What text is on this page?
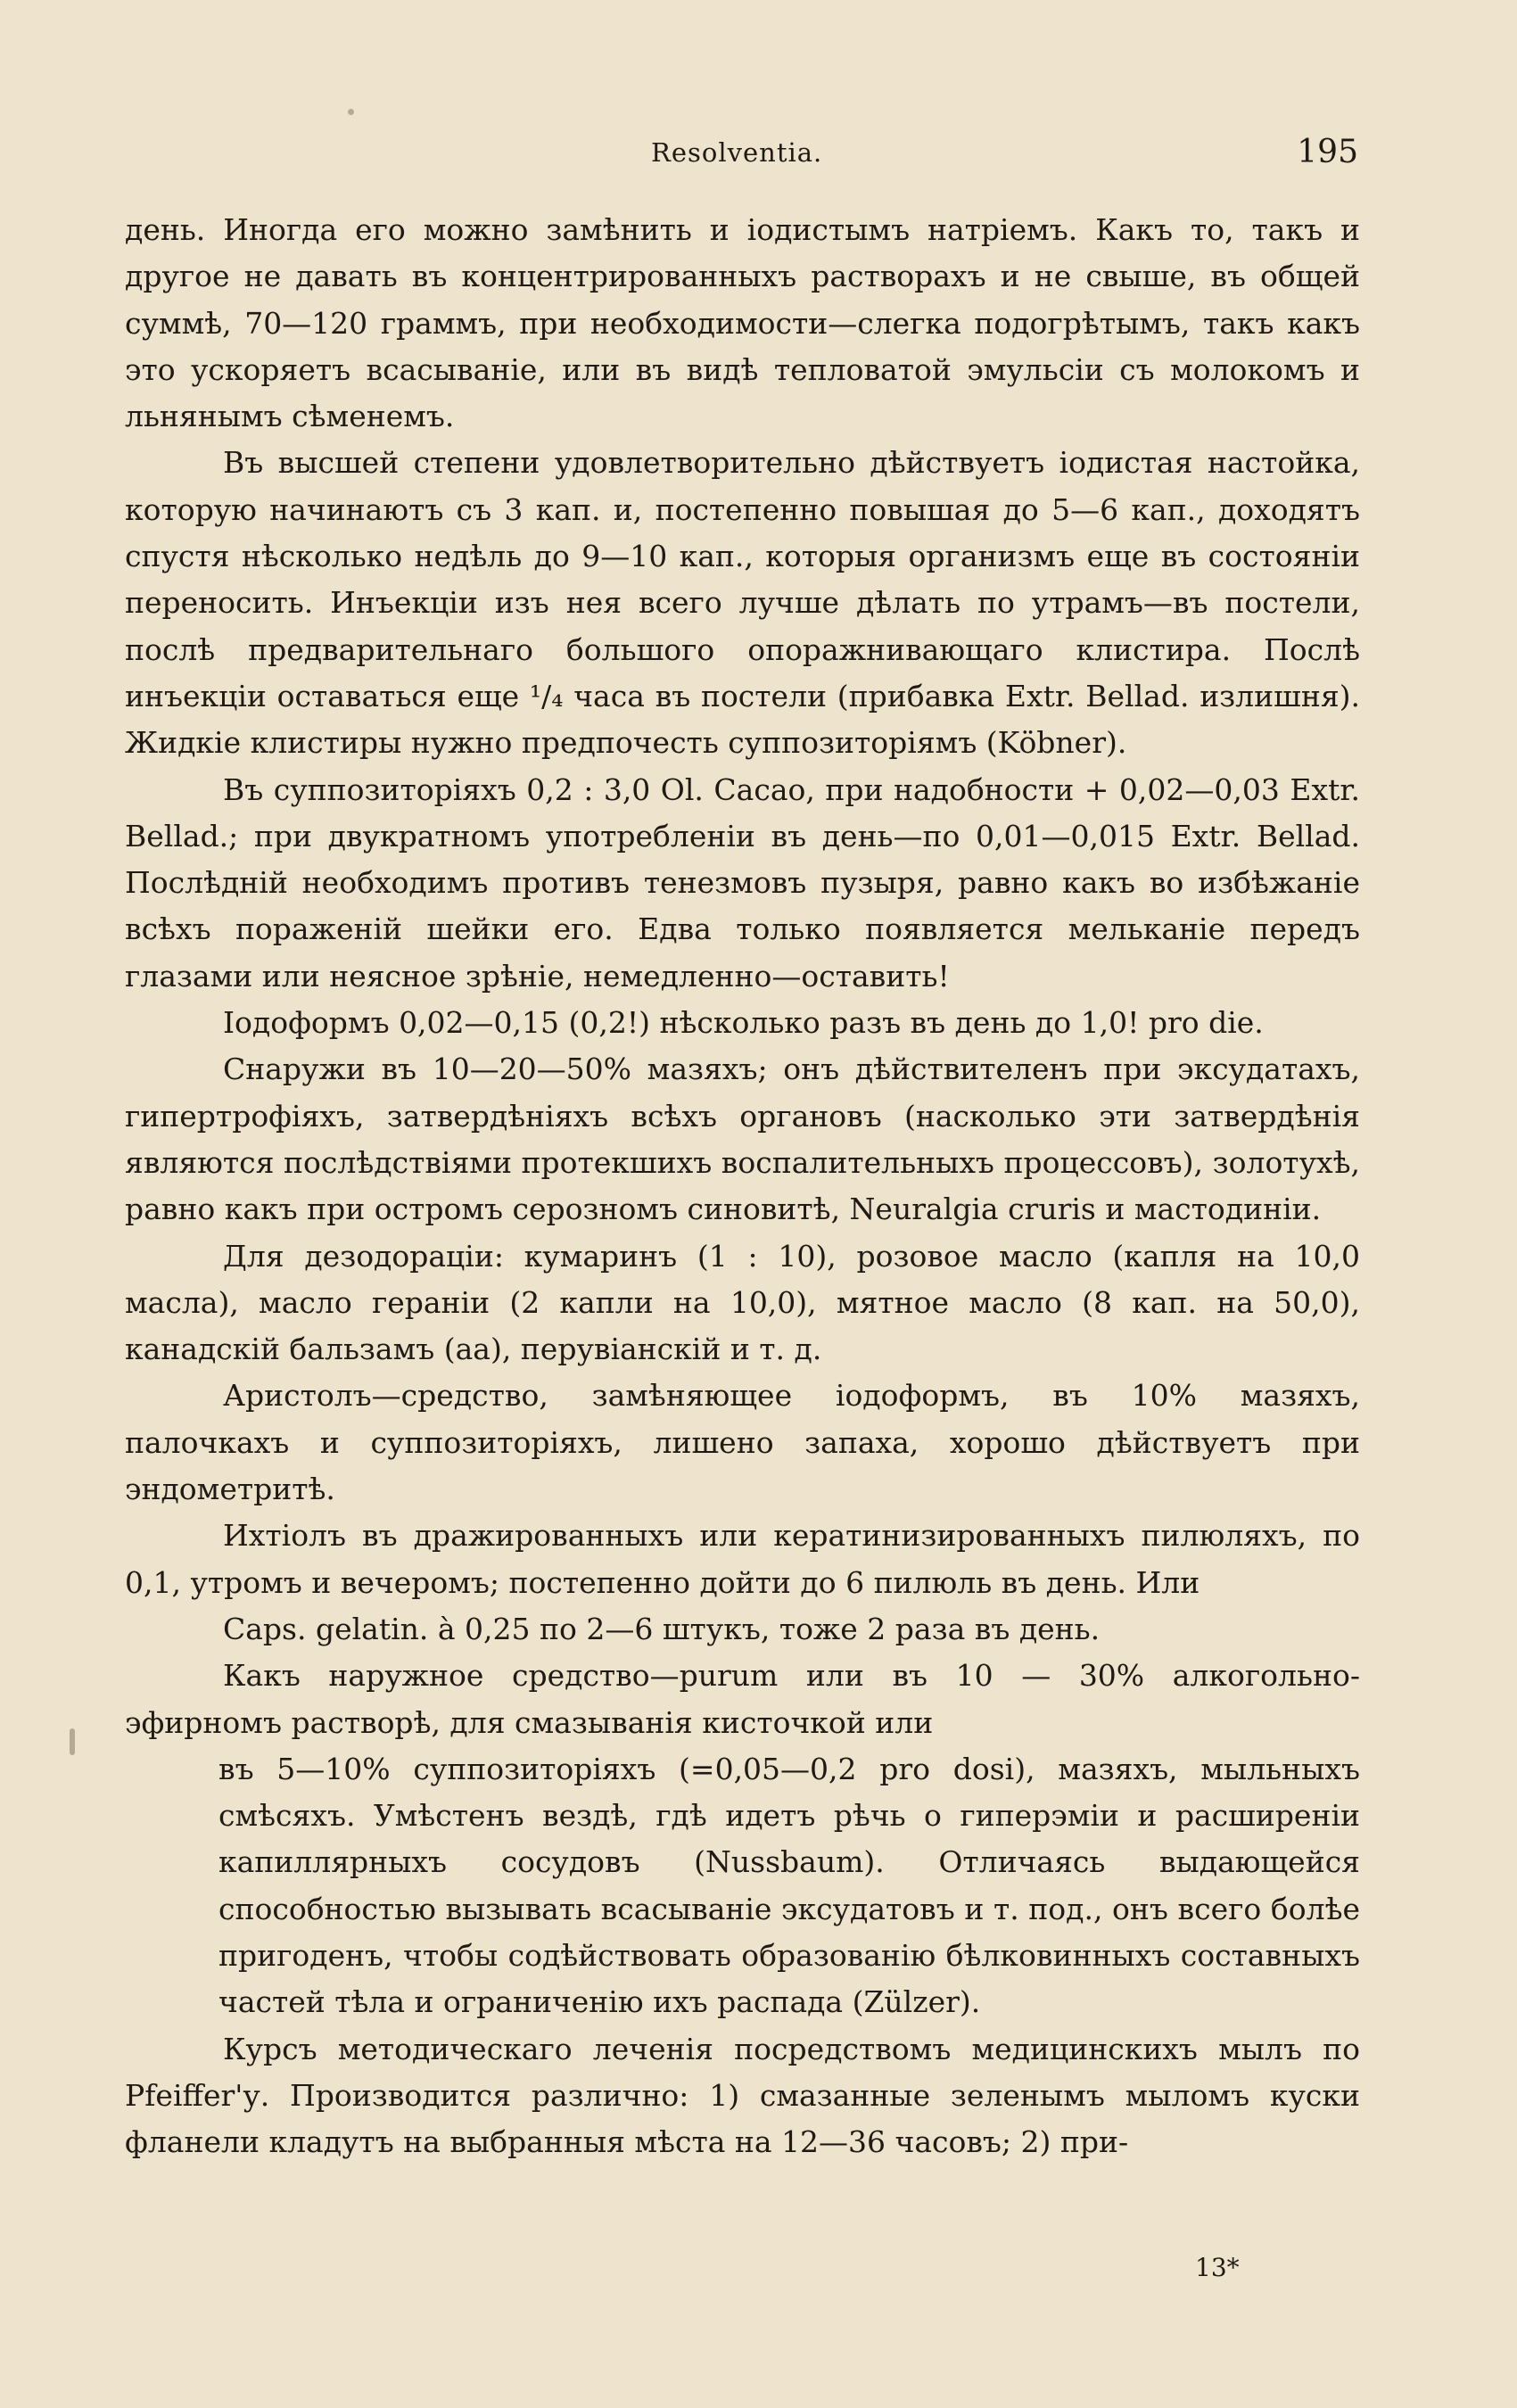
Resolventia.	195

день. Иногда его можно замѣнить и іодистымъ натріемъ. Какъ то, такъ и другое не давать въ концентрированныхъ растворахъ и не свыше, въ общей суммѣ, 70—120 граммъ, при необходимости—слегка подогрѣтымъ, такъ какъ это ускоряетъ всасываніе, или въ видѣ тепловатой эмульсіи съ молокомъ и льнянымъ сѣменемъ.

Въ высшей степени удовлетворительно дѣйствуетъ іодистая настойка, которую начинаютъ съ 3 кап. и, постепенно повышая до 5—6 кап., доходятъ спустя нѣсколько недѣль до 9—10 кап., которыя организмъ еще въ состояніи переносить. Инъекціи изъ нея всего лучше дѣлать по утрамъ—въ постели, послѣ предварительнаго большого опоражнивающаго клистира. Послѣ инъекціи оставаться еще ¹/₄ часа въ постели (прибавка Extr. Bellad. излишня). Жидкіе клистиры нужно предпочесть суппозиторіямъ (Köbner).

Въ суппозиторіяхъ 0,2 : 3,0 Ol. Cacao, при надобности + 0,02—0,03 Extr. Bellad.; при двукратномъ употребленіи въ день—по 0,01—0,015 Extr. Bellad. Послѣдній необходимъ противъ тенезмовъ пузыря, равно какъ во избѣжаніе всѣхъ пораженій шейки его. Едва только появляется мельканіе передъ глазами или неясное зрѣніе, немедленно—оставить!

Іодоформъ 0,02—0,15 (0,2!) нѣсколько разъ въ день до 1,0! pro die.

Снаружи въ 10—20—50% мазяхъ; онъ дѣйствителенъ при эксудатахъ, гипертрофіяхъ, затвердѣніяхъ всѣхъ органовъ (насколько эти затвердѣнія являются послѣдствіями протекшихъ воспалительныхъ процессовъ), золотухѣ, равно какъ при остромъ серозномъ синовитѣ, Neuralgia cruris и мастодиніи.

Для дезодораціи: кумаринъ (1 : 10), розовое масло (капля на 10,0 масла), масло гераніи (2 капли на 10,0), мятное масло (8 кап. на 50,0), канадскій бальзамъ (aa), перувіанскій и т. д.

Аристолъ—средство, замѣняющее іодоформъ, въ 10% мазяхъ, палочкахъ и суппозиторіяхъ, лишено запаха, хорошо дѣйствуетъ при эндометритѣ.

Ихтіолъ въ дражированныхъ или кератинизированныхъ пилюляхъ, по 0,1, утромъ и вечеромъ; постепенно дойти до 6 пилюль въ день. Или

Caps. gelatin. à 0,25 по 2—6 штукъ, тоже 2 раза въ день.

Какъ наружное средство—purum или въ 10 — 30% алкогольно-эфирномъ растворѣ, для смазыванія кисточкой или

въ 5—10% суппозиторіяхъ (=0,05—0,2 pro dosi), мазяхъ, мыльныхъ смѣсяхъ. Умѣстенъ вездѣ, гдѣ идетъ рѣчь о гиперэміи и расширеніи капиллярныхъ сосудовъ (Nussbaum). Отличаясь выдающейся способностью вызывать всасываніе эксудатовъ и т. под., онъ всего болѣе пригоденъ, чтобы содѣйствовать образованію бѣлковинныхъ составныхъ частей тѣла и ограниченію ихъ распада (Zülzer).

Курсъ методическаго леченія посредствомъ медицинскихъ мылъ по Pfeiffer'у. Производится различно: 1) смазанные зеленымъ мыломъ куски фланели кладутъ на выбранныя мѣста на 12—36 часовъ; 2) при-

13*
